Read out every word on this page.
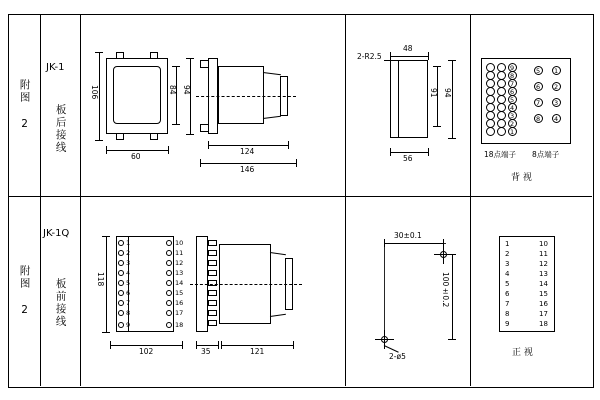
附图 2
JK-1
板后接线
附图 2
JK-1Q
板前接线
106	84 94
60
124
146
2-R2.5
48
91 94
56
9
8
7
6
5
4
3
2
1
5
6
7
8
1
2
3
4
18点端子 8点端子
背 视
1
2
3
4
5
6
7
8
9
10
11
12
13
14
15
16
17
18
118
102	35	121
30±0.1
100±0.2
2-ø5
1
2
3
4
5
6
7
8
9
10
11
12
13
14
15
16
17
18
正 视
